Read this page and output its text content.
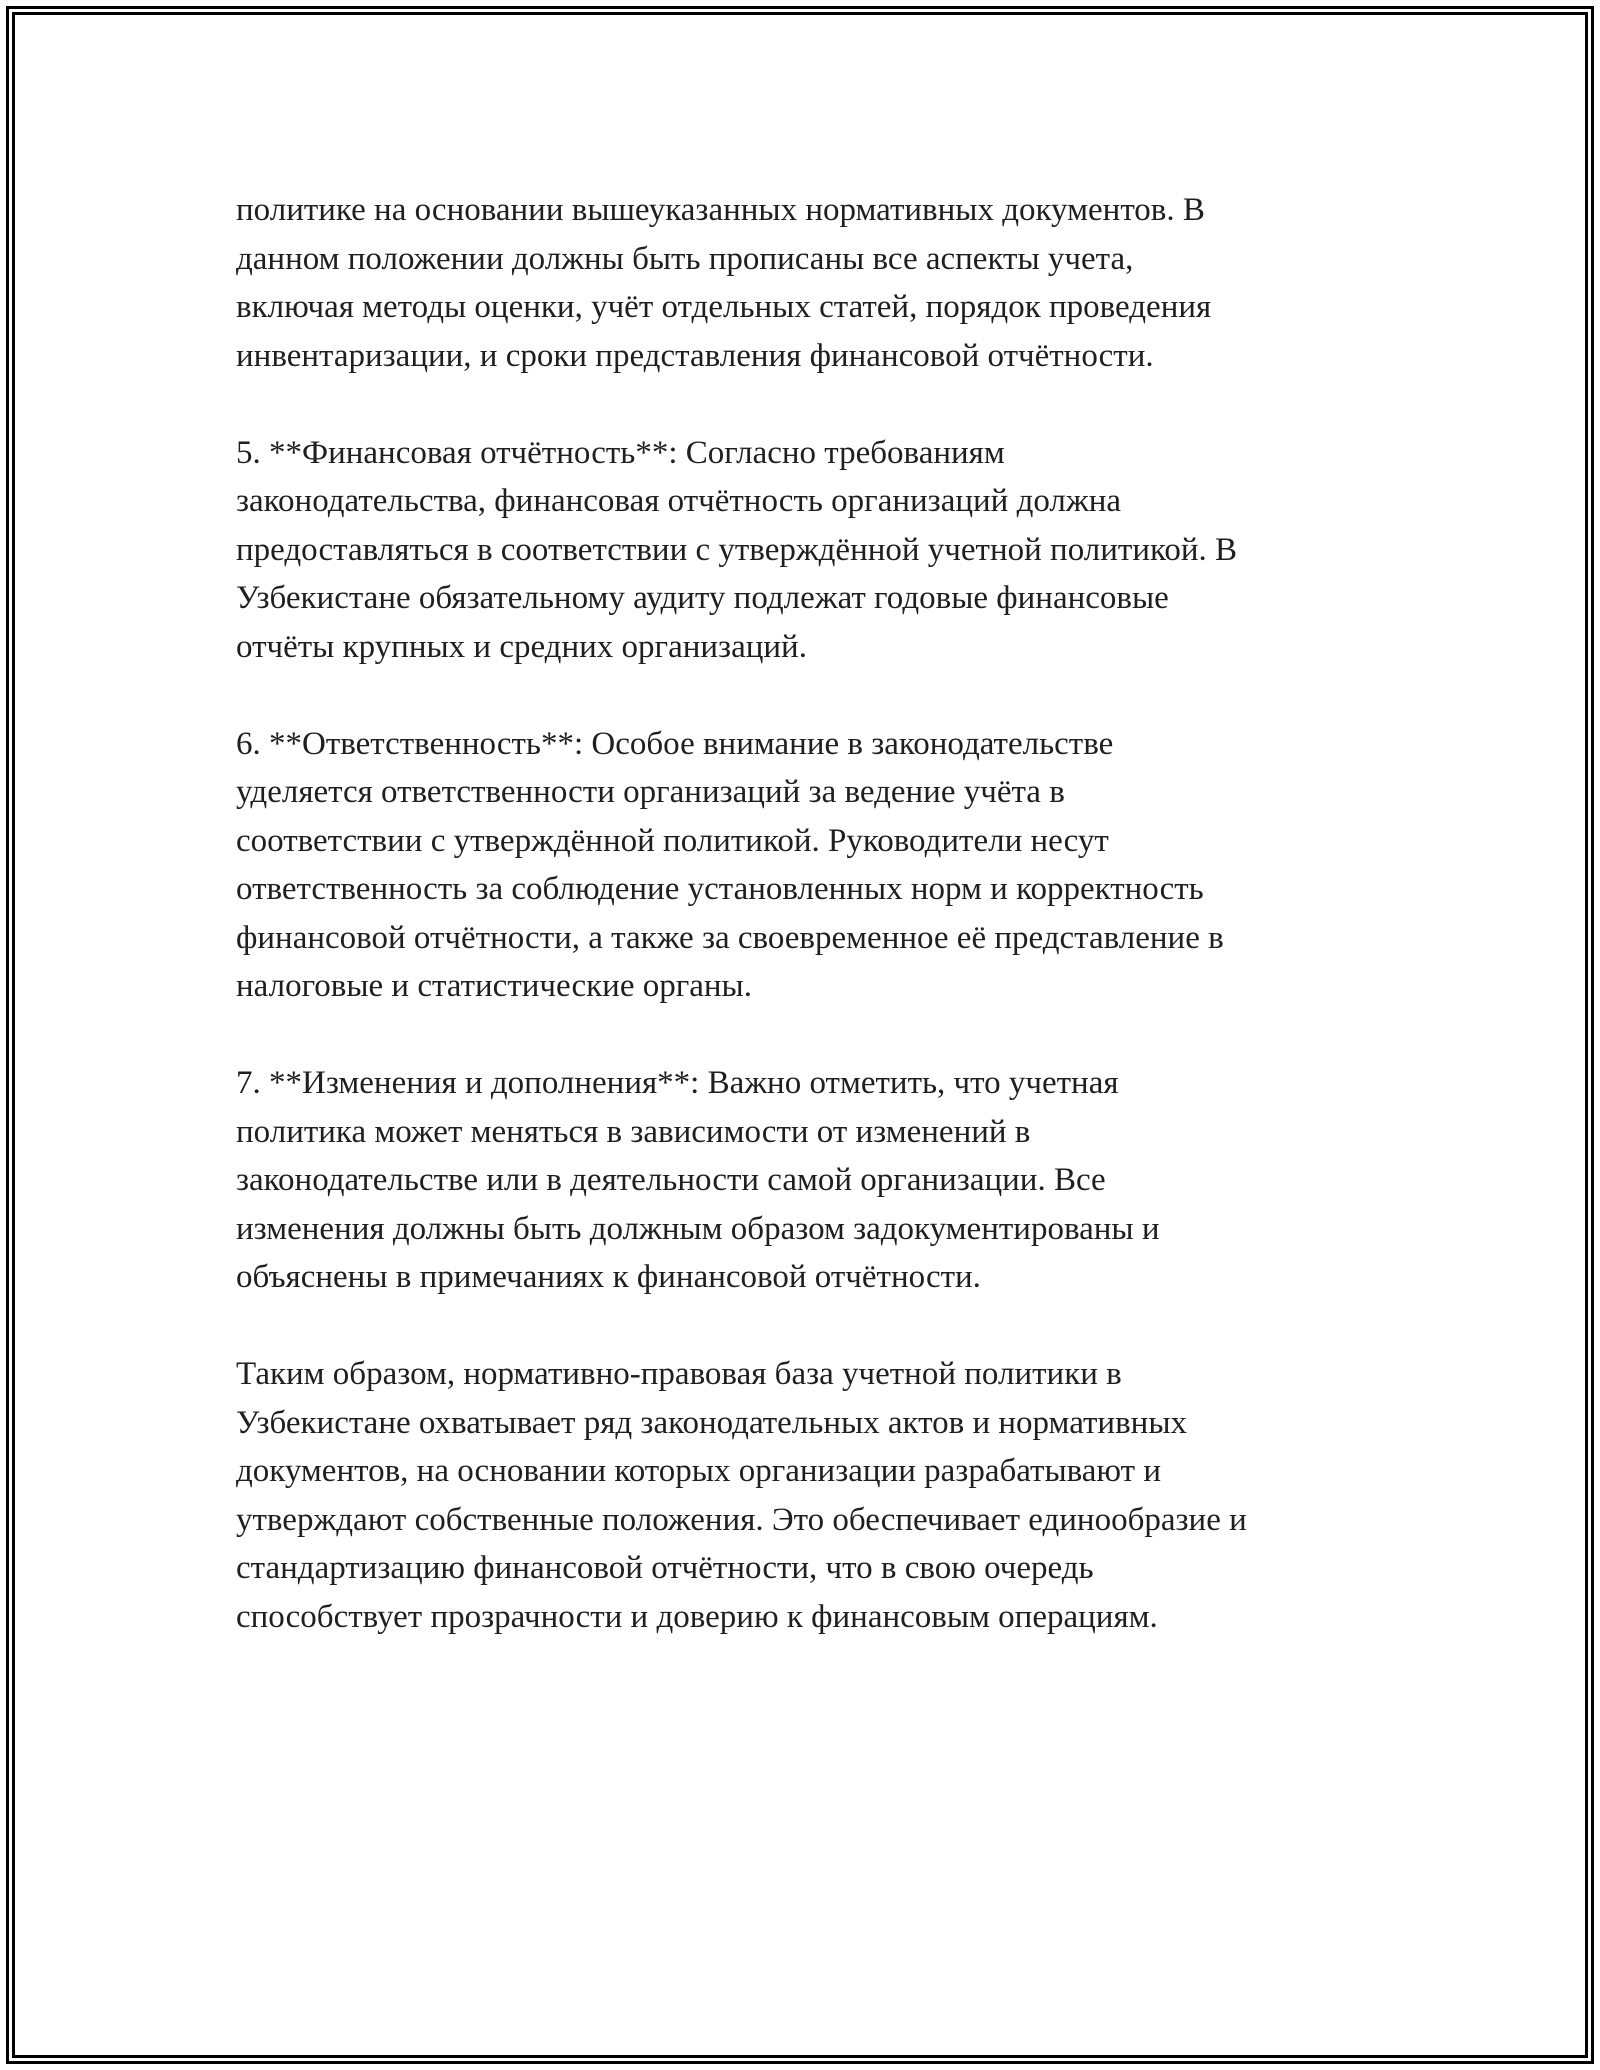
политике на основании вышеуказанных нормативных документов. В
данном положении должны быть прописаны все аспекты учета,
включая методы оценки, учёт отдельных статей, порядок проведения
инвентаризации, и сроки представления финансовой отчётности.

5. **Финансовая отчётность**: Согласно требованиям
законодательства, финансовая отчётность организаций должна
предоставляться в соответствии с утверждённой учетной политикой. В
Узбекистане обязательному аудиту подлежат годовые финансовые
отчёты крупных и средних организаций.

6. **Ответственность**: Особое внимание в законодательстве
уделяется ответственности организаций за ведение учёта в
соответствии с утверждённой политикой. Руководители несут
ответственность за соблюдение установленных норм и корректность
финансовой отчётности, а также за своевременное её представление в
налоговые и статистические органы.

7. **Изменения и дополнения**: Важно отметить, что учетная
политика может меняться в зависимости от изменений в
законодательстве или в деятельности самой организации. Все
изменения должны быть должным образом задокументированы и
объяснены в примечаниях к финансовой отчётности.

Таким образом, нормативно-правовая база учетной политики в
Узбекистане охватывает ряд законодательных актов и нормативных
документов, на основании которых организации разрабатывают и
утверждают собственные положения. Это обеспечивает единообразие и
стандартизацию финансовой отчётности, что в свою очередь
способствует прозрачности и доверию к финансовым операциям.
